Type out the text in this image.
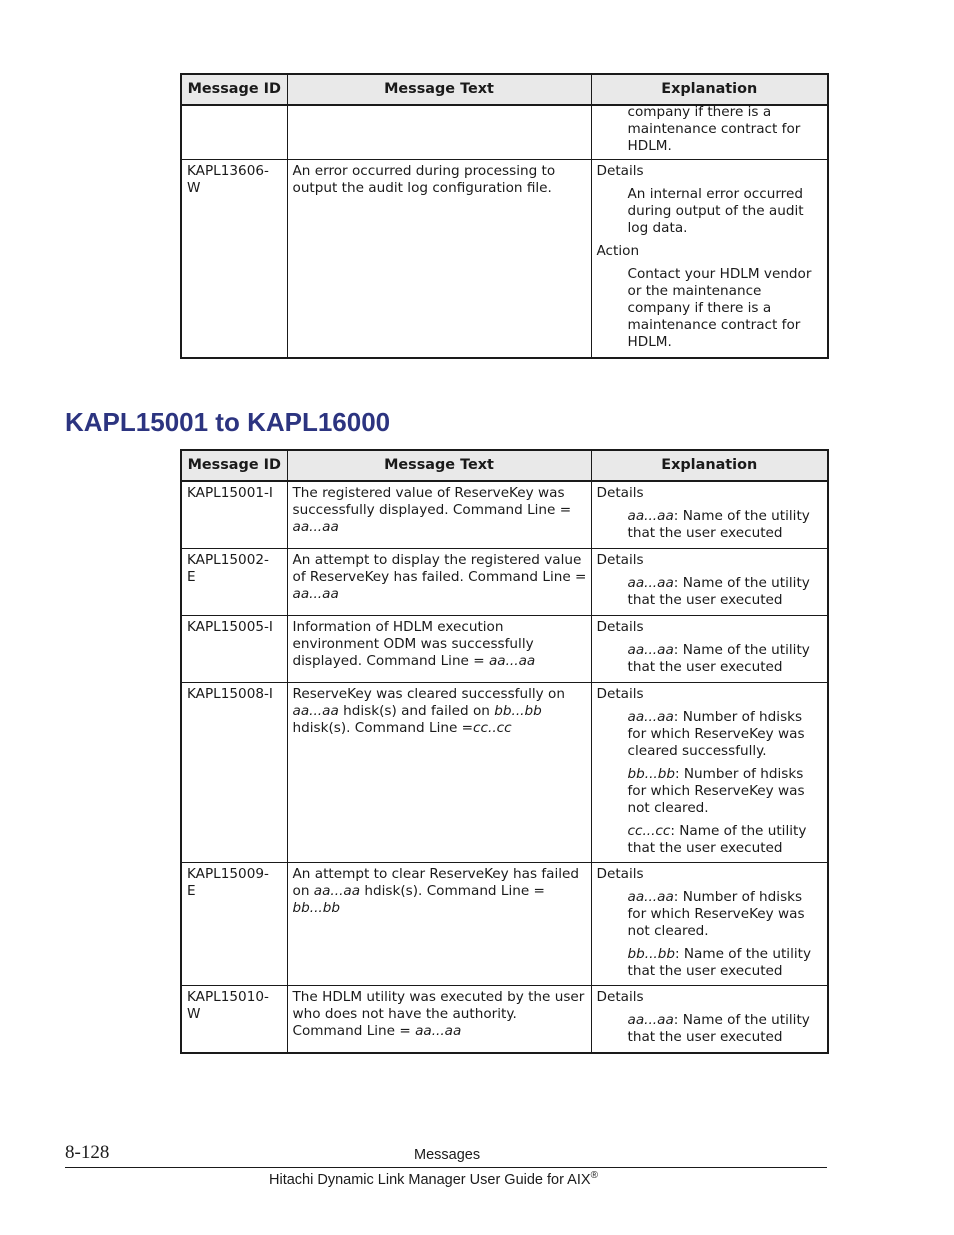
Message ID	Message Text	Explanation

		company if there is a
maintenance contract for
HDLM.

KAPL13606-
W	An error occurred during processing to output the audit log configuration file.	Details
An internal error occurred during output of the audit log data.
Action
Contact your HDLM vendor or the maintenance company if there is a maintenance contract for HDLM.
KAPL15001 to KAPL16000
Message ID	Message Text	Explanation
KAPL15001-I	The registered value of ReserveKey was successfully displayed. Command Line = aa...aa	Details
aa...aa: Name of the utility that the user executed

KAPL15002-
E	An attempt to display the registered value of ReserveKey has failed. Command Line = aa...aa	Details
aa...aa: Name of the utility that the user executed

KAPL15005-I	Information of HDLM execution environment ODM was successfully displayed. Command Line = aa...aa	Details
aa...aa: Name of the utility that the user executed

KAPL15008-I	ReserveKey was cleared successfully on aa...aa hdisk(s) and failed on bb...bb hdisk(s). Command Line =cc..cc	Details
aa...aa: Number of hdisks for which ReserveKey was cleared successfully.
bb...bb: Number of hdisks for which ReserveKey was not cleared.
cc...cc: Name of the utility that the user executed

KAPL15009-
E	An attempt to clear ReserveKey has failed on aa...aa hdisk(s). Command Line = bb...bb	Details
aa...aa: Number of hdisks for which ReserveKey was not cleared.
bb...bb: Name of the utility that the user executed

KAPL15010-
W	The HDLM utility was executed by the user who does not have the authority. Command Line = aa...aa	Details
aa...aa: Name of the utility that the user executed
8-128	Messages
Hitachi Dynamic Link Manager User Guide for AIX®
